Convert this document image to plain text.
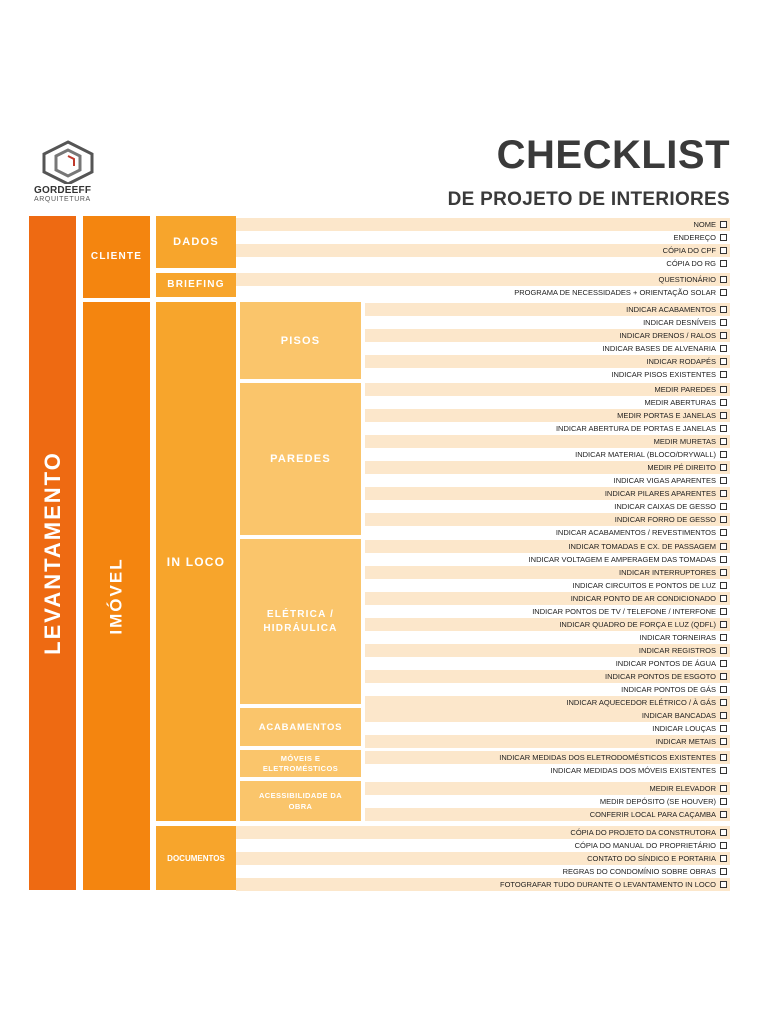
GORDEEFF
ARQUITETURA
CHECKLIST
DE PROJETO DE INTERIORES
LEVANTAMENTO
CLIENTE
IMÓVEL
DADOS
BRIEFING
IN LOCO
DOCUMENTOS
PISOS
PAREDES
ELÉTRICA / HIDRÁULICA
ACABAMENTOS
MÓVEIS E ELETROMÉSTICOS
ACESSIBILIDADE DA OBRA
NOME
ENDEREÇO
CÓPIA DO CPF
CÓPIA DO RG
QUESTIONÁRIO
PROGRAMA DE NECESSIDADES + ORIENTAÇÃO SOLAR
INDICAR ACABAMENTOS
INDICAR DESNÍVEIS
INDICAR DRENOS / RALOS
INDICAR BASES DE ALVENARIA
INDICAR RODAPÉS
INDICAR PISOS EXISTENTES
MEDIR PAREDES
MEDIR ABERTURAS
MEDIR PORTAS E JANELAS
INDICAR ABERTURA DE PORTAS E JANELAS
MEDIR MURETAS
INDICAR MATERIAL (BLOCO/DRYWALL)
MEDIR PÉ DIREITO
INDICAR VIGAS APARENTES
INDICAR PILARES APARENTES
INDICAR CAIXAS DE GESSO
INDICAR FORRO DE GESSO
INDICAR ACABAMENTOS / REVESTIMENTOS
INDICAR TOMADAS E CX. DE PASSAGEM
INDICAR VOLTAGEM E AMPERAGEM DAS TOMADAS
INDICAR INTERRUPTORES
INDICAR CIRCUITOS E PONTOS DE LUZ
INDICAR PONTO DE AR CONDICIONADO
INDICAR PONTOS DE TV / TELEFONE / INTERFONE
INDICAR QUADRO DE FORÇA E LUZ (QDFL)
INDICAR TORNEIRAS
INDICAR REGISTROS
INDICAR PONTOS DE ÁGUA
INDICAR PONTOS DE ESGOTO
INDICAR PONTOS DE GÁS
INDICAR AQUECEDOR ELÉTRICO / À GÁS
INDICAR BANCADAS
INDICAR LOUÇAS
INDICAR METAIS
INDICAR MEDIDAS DOS ELETRODOMÉSTICOS EXISTENTES
INDICAR MEDIDAS DOS MÓVEIS EXISTENTES
MEDIR ELEVADOR
MEDIR DEPÓSITO (SE HOUVER)
CONFERIR LOCAL PARA CAÇAMBA
CÓPIA DO PROJETO DA CONSTRUTORA
CÓPIA DO MANUAL DO PROPRIETÁRIO
CONTATO DO SÍNDICO E PORTARIA
REGRAS DO CONDOMÍNIO SOBRE OBRAS
FOTOGRAFAR TUDO DURANTE O LEVANTAMENTO IN LOCO
